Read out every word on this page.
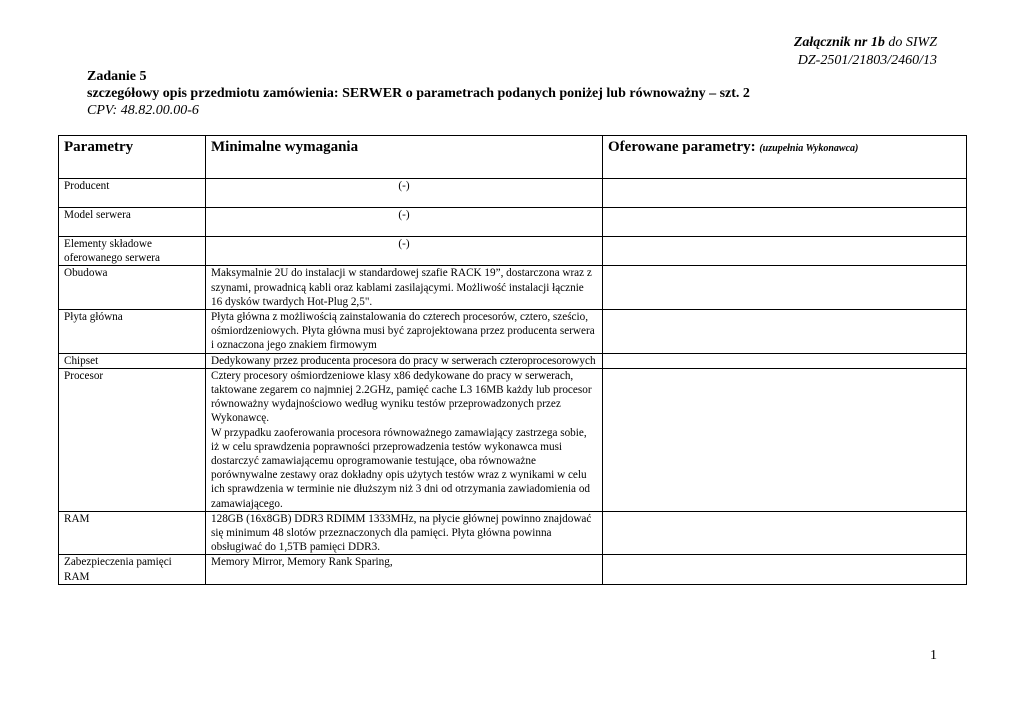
Załącznik nr 1b do SIWZ
DZ-2501/21803/2460/13
Zadanie 5
szczegółowy opis przedmiotu zamówienia: SERWER o parametrach podanych poniżej lub równoważny – szt. 2
CPV: 48.82.00.00-6
Parametry	Minimalne wymagania	Oferowane parametry: (uzupełnia Wykonawca)
Producent	(-)	
Model serwera	(-)	
Elementy składowe oferowanego serwera	(-)	
Obudowa	Maksymalnie 2U do instalacji w standardowej szafie RACK 19”, dostarczona wraz z szynami, prowadnicą kabli oraz kablami zasilającymi. Możliwość instalacji łącznie 16 dysków twardych Hot-Plug 2,5".	
Płyta główna	Płyta główna z możliwością zainstalowania do czterech procesorów, cztero, sześcio, ośmiordzeniowych. Płyta główna musi być zaprojektowana przez producenta serwera i oznaczona jego znakiem firmowym	
Chipset	Dedykowany przez producenta procesora do pracy w serwerach czteroprocesorowych	
Procesor	Cztery procesory ośmiordzeniowe klasy x86 dedykowane do pracy w serwerach, taktowane zegarem co najmniej 2.2GHz, pamięć cache L3 16MB każdy lub procesor równoważny wydajnościowo według wyniku testów przeprowadzonych przez Wykonawcę.
W przypadku zaoferowania procesora równoważnego zamawiający zastrzega sobie, iż w celu sprawdzenia poprawności przeprowadzenia testów wykonawca musi dostarczyć zamawiającemu oprogramowanie testujące, oba równoważne porównywalne zestawy oraz dokładny opis użytych testów wraz z wynikami w celu ich sprawdzenia w terminie nie dłuższym niż 3 dni od otrzymania zawiadomienia od zamawiającego.	

RAM	128GB (16x8GB) DDR3 RDIMM 1333MHz, na płycie głównej powinno znajdować się minimum 48 slotów przeznaczonych dla pamięci. Płyta główna powinna obsługiwać do 1,5TB pamięci DDR3.	
Zabezpieczenia pamięci RAM	Memory Mirror, Memory Rank Sparing,	
1
